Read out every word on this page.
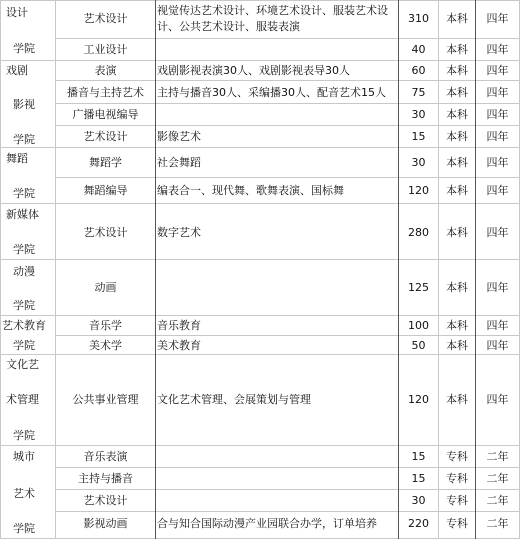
设计
学院
戏剧
影视
学院
舞蹈
学院
新媒体
学院
动漫
学院
艺术教育
学院
文化艺
术管理
学院
城市
艺术
学院
艺术设计
工业设计
表演
播音与主持艺术
广播电视编导
艺术设计
舞蹈学
舞蹈编导
艺术设计
动画
音乐学
美术学
公共事业管理
音乐表演
主持与播音
艺术设计
影视动画
视觉传达艺术设计、环境艺术设计、服装艺术设
计、公共艺术设计、服装表演
戏剧影视表演30人、戏剧影视表导30人
主持与播音30人、采编播30人、配音艺术15人
影像艺术
社会舞蹈
编表合一、现代舞、歌舞表演、国标舞
数字艺术
音乐教育
美术教育
文化艺术管理、会展策划与管理
合与知合国际动漫产业园联合办学，订单培养
310
40
60
75
30
15
30
120
280
125
100
50
120
15
15
30
220
本科
本科
本科
本科
本科
本科
本科
本科
本科
本科
本科
本科
本科
专科
专科
专科
专科
四年
四年
四年
四年
四年
四年
四年
四年
四年
四年
四年
四年
四年
二年
二年
二年
二年
